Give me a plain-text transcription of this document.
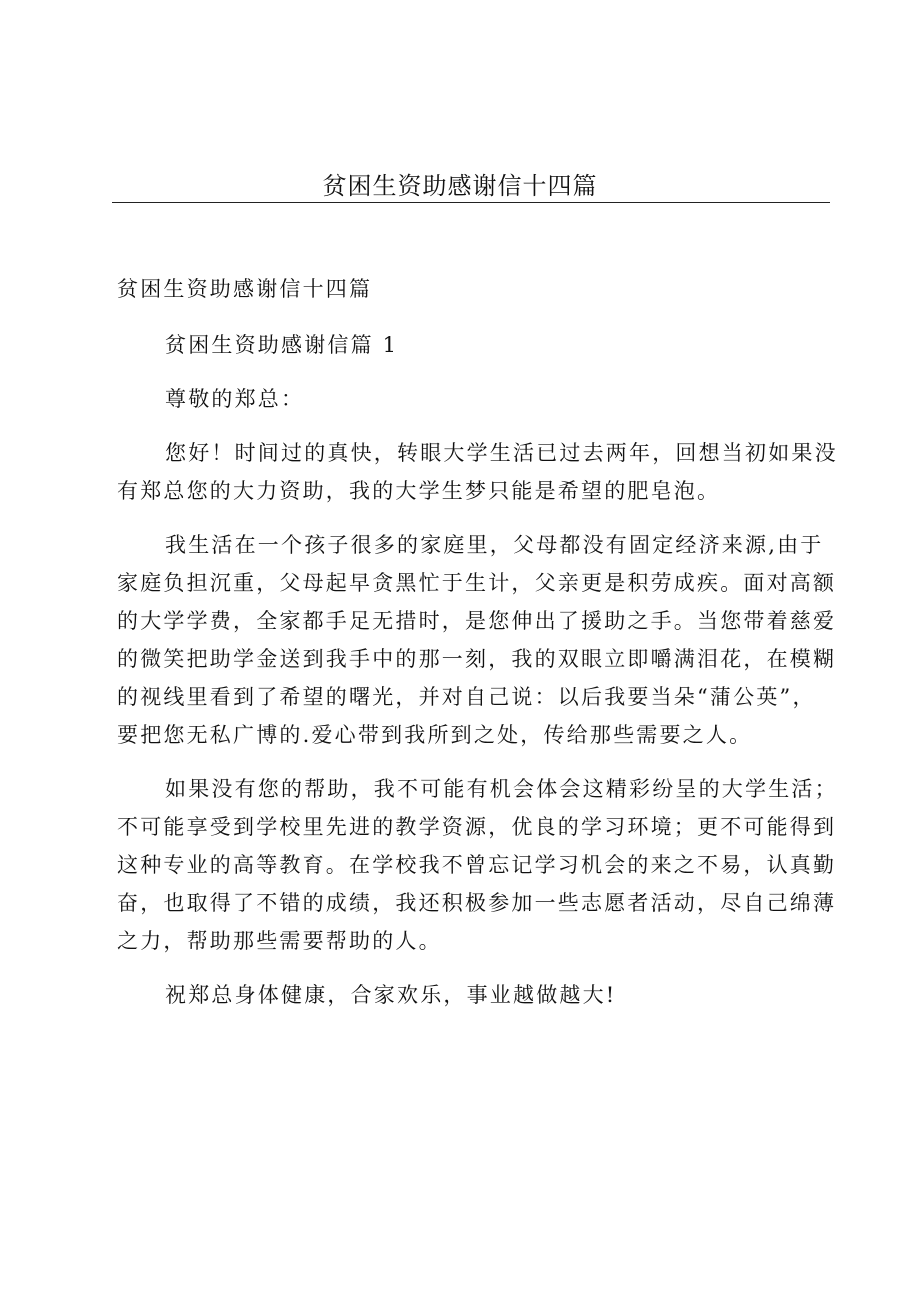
贫困生资助感谢信十四篇
贫困生资助感谢信十四篇
贫困生资助感谢信篇 1
尊敬的郑总：
您好！时间过的真快，转眼大学生活已过去两年，回想当初如果没
有郑总您的大力资助，我的大学生梦只能是希望的肥皂泡。
我生活在一个孩子很多的家庭里，父母都没有固定经济来源,由于
家庭负担沉重，父母起早贪黑忙于生计，父亲更是积劳成疾。面对高额
的大学学费，全家都手足无措时，是您伸出了援助之手。当您带着慈爱
的微笑把助学金送到我手中的那一刻，我的双眼立即嚼满泪花，在模糊
的视线里看到了希望的曙光，并对自己说：以后我要当朵“蒲公英”，
要把您无私广博的.爱心带到我所到之处，传给那些需要之人。
如果没有您的帮助，我不可能有机会体会这精彩纷呈的大学生活；
不可能享受到学校里先进的教学资源，优良的学习环境；更不可能得到
这种专业的高等教育。在学校我不曾忘记学习机会的来之不易，认真勤
奋，也取得了不错的成绩，我还积极参加一些志愿者活动，尽自己绵薄
之力，帮助那些需要帮助的人。
祝郑总身体健康，合家欢乐，事业越做越大!
